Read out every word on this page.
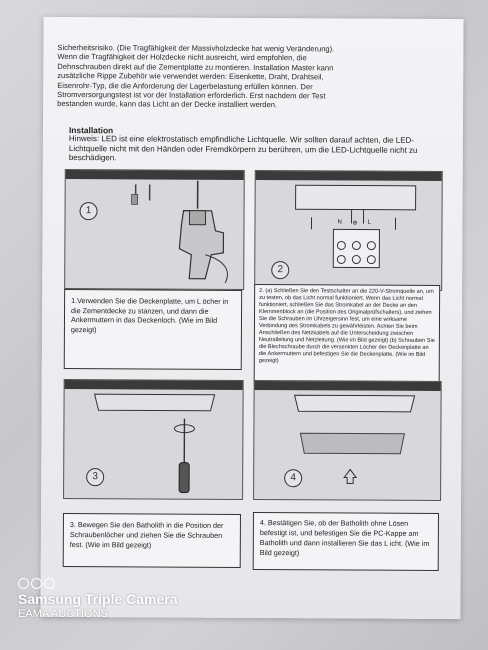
Sicherheitsrisiko. (Die Tragfähigkeit der Massivholzdecke hat wenig Veränderung).

Wenn die Tragfähigkeit der Holzdecke nicht ausreicht, wird empfohlen, die

Dehnschrauben direkt auf die Zementplatte zu montieren. Installation Master kann

zusätzliche Rippe Zubehör wie verwendet werden: Eisenkette, Draht, Drahtseil,

Eisenrohr-Typ, die die Anforderung der Lagerbelastung erfüllen können. Der

Stromversorgungstest ist vor der Installation erforderlich. Erst nachdem der Test

bestanden wurde, kann das Licht an der Decke installiert werden.

Installation
Hinweis: LED ist eine elektrostatisch empfindliche Lichtquelle. Wir sollten darauf achten, die LED-Lichtquelle nicht mit den Händen oder Fremdkörpern zu berühren, um die LED-Lichtquelle nicht zu beschädigen.
1
2
N ⊕ L
1.Verwenden Sie die Deckenplatte, um L öcher in die Zementdecke zu stanzen, und dann die Ankermuttern in das Deckenloch. (Wie im Bild gezeigt)
2. (a) Schließen Sie den Testschalter an die 220-V-Stromquelle an, um zu testen, ob das Licht normal funktioniert. Wenn das Licht normal funktioniert, schließen Sie das Stromkabel an der Decke an den Klemmenblock an (die Position des Originalprüfschalters), und ziehen Sie die Schrauben im Uhrzeigersinn fest, um eine wirksame Verbindung des Stromkabels zu gewährleisten. Achten Sie beim Anschließen des Netzkabels auf die Unterscheidung zwischen Neutralleitung und Netzleitung. (Wie im Bild gezeigt) (b) Schrauben Sie die Blechschraube durch die versenkten Löcher der Deckenplatte an die Ankermuttern und befestigen Sie die Deckenplatte. (Wie im Bild gezeigt)
3	4
3. Bewegen Sie den Batholith in die Position der Schraubenlöcher und ziehen Sie die Schrauben fest. (Wie im Bild gezeigt)
4. Bestätigen Sie, ob der Batholith ohne Lösen befestigt ist, und befestigen Sie die PC-Kappe am Batholith und dann installieren Sie das L icht. (Wie im Bild gezeigt)
Samsung Triple Camera
EAMA AUCTIONS
